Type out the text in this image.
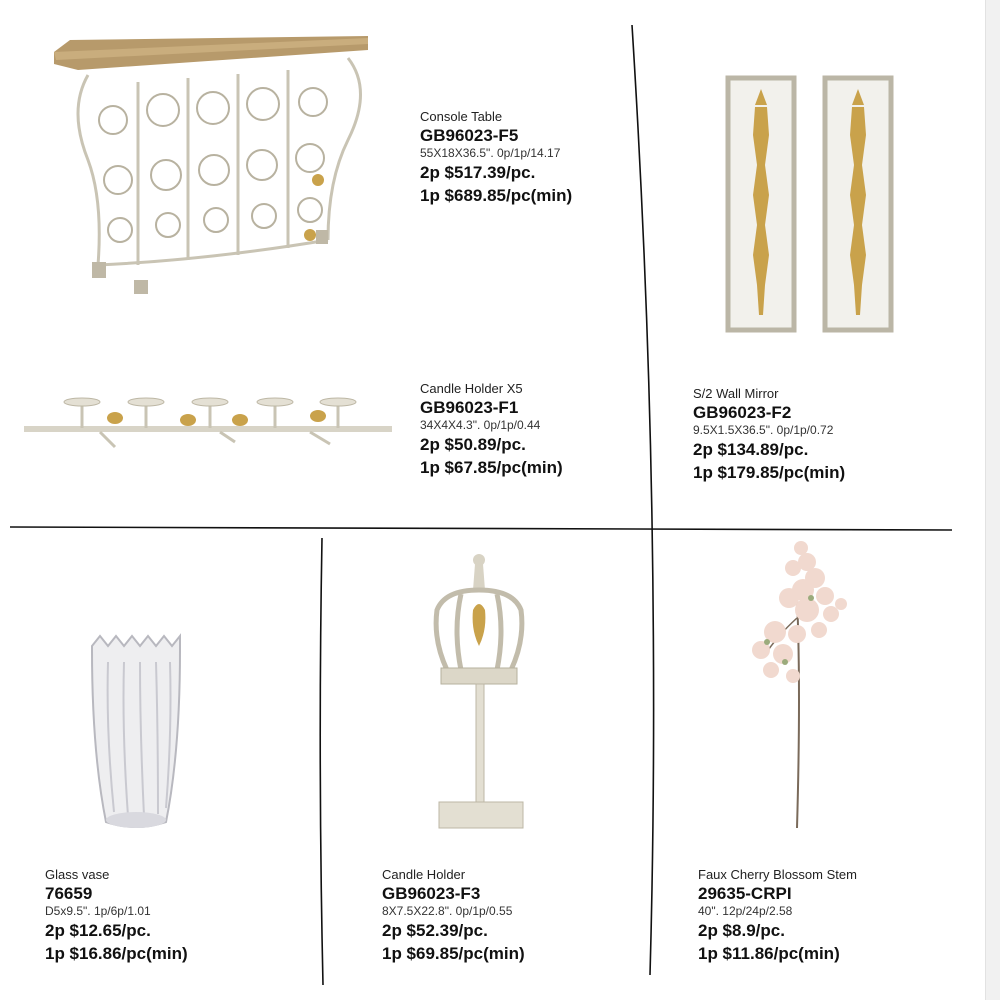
Console Table
GB96023-F5
55X18X36.5". 0p/1p/14.17
2p $517.39/pc.
1p $689.85/pc(min)
Candle Holder X5
GB96023-F1
34X4X4.3". 0p/1p/0.44
2p $50.89/pc.
1p $67.85/pc(min)
S/2 Wall Mirror
GB96023-F2
9.5X1.5X36.5". 0p/1p/0.72
2p $134.89/pc.
1p $179.85/pc(min)
Glass vase
76659
D5x9.5". 1p/6p/1.01
2p $12.65/pc.
1p $16.86/pc(min)
Candle Holder
GB96023-F3
8X7.5X22.8". 0p/1p/0.55
2p $52.39/pc.
1p $69.85/pc(min)
Faux Cherry Blossom Stem
29635-CRPI
40". 12p/24p/2.58
2p $8.9/pc.
1p $11.86/pc(min)
